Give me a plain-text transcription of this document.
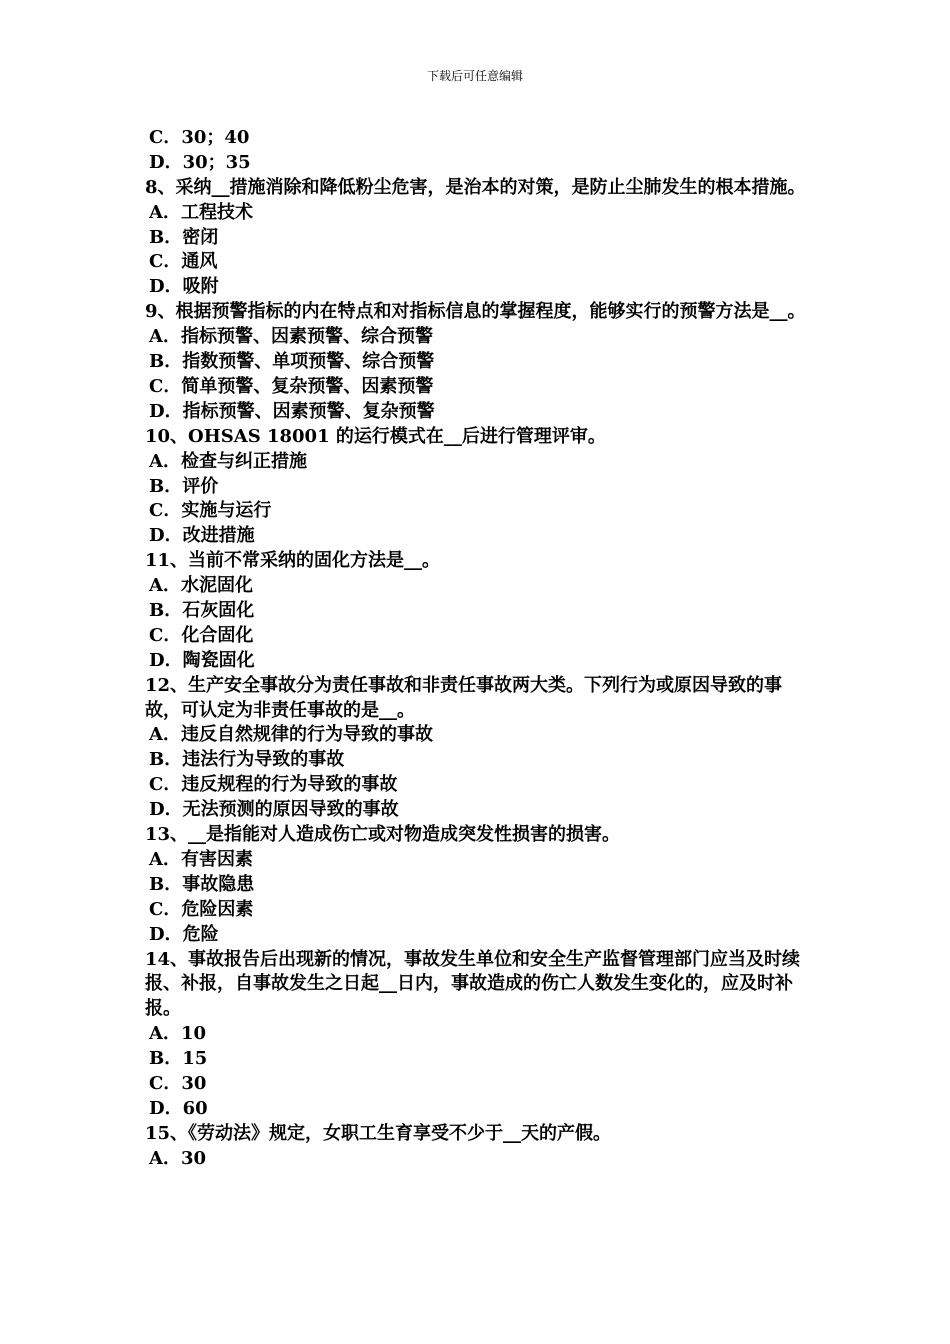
下载后可任意编辑
C．30；40
D．30；35
8、采纳__措施消除和降低粉尘危害，是治本的对策，是防止尘肺发生的根本措施。
A．工程技术
B．密闭
C．通风
D．吸附
9、根据预警指标的内在特点和对指标信息的掌握程度，能够实行的预警方法是__。
A．指标预警、因素预警、综合预警
B．指数预警、单项预警、综合预警
C．简单预警、复杂预警、因素预警
D．指标预警、因素预警、复杂预警
10、OHSAS 18001 的运行模式在__后进行管理评审。
A．检查与纠正措施
B．评价
C．实施与运行
D．改进措施
11、当前不常采纳的固化方法是__。
A．水泥固化
B．石灰固化
C．化合固化
D．陶瓷固化
12、生产安全事故分为责任事故和非责任事故两大类。下列行为或原因导致的事故，可认定为非责任事故的是__。
A．违反自然规律的行为导致的事故
B．违法行为导致的事故
C．违反规程的行为导致的事故
D．无法预测的原因导致的事故
13、__是指能对人造成伤亡或对物造成突发性损害的损害。
A．有害因素
B．事故隐患
C．危险因素
D．危险
14、事故报告后出现新的情况，事故发生单位和安全生产监督管理部门应当及时续报、补报，自事故发生之日起__日内，事故造成的伤亡人数发生变化的，应及时补报。
A．10
B．15
C．30
D．60
15、《劳动法》规定，女职工生育享受不少于__天的产假。
A．30
